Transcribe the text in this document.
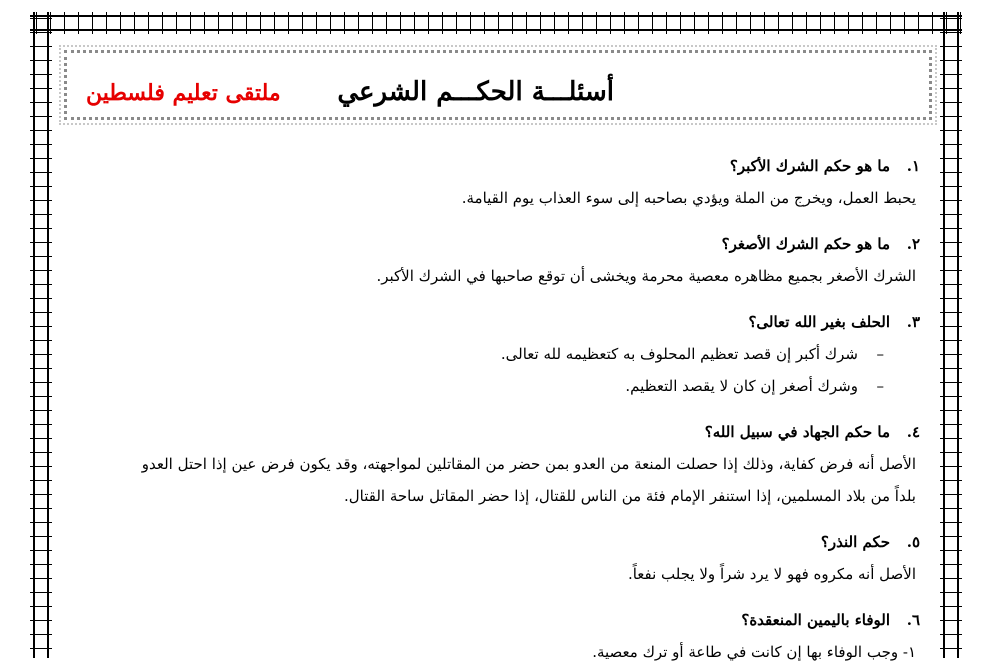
أسئلـــة الحكـــم الشرعي
ملتقى تعليم فلسطين
١.ما هو حكم الشرك الأكبر؟
يحبط العمل، ويخرج من الملة ويؤدي بصاحبه إلى سوء العذاب يوم القيامة.
٢.ما هو حكم الشرك الأصغر؟
الشرك الأصغر بجميع مظاهره معصية محرمة ويخشى أن توقع صاحبها في الشرك الأكبر.
٣.الحلف بغير الله تعالى؟
–شرك أكبر إن قصد تعظيم المحلوف به كتعظيمه لله تعالى.
–وشرك أصغر إن كان لا يقصد التعظيم.
٤.ما حكم الجهاد في سبيل الله؟
الأصل أنه فرض كفاية، وذلك إذا حصلت المنعة من العدو بمن حضر من المقاتلين لمواجهته، وقد يكون فرض عين إذا احتل العدو
بلداً من بلاد المسلمين، إذا استنفر الإمام فئة من الناس للقتال، إذا حضر المقاتل ساحة القتال.
٥.حكم النذر؟
الأصل أنه مكروه فهو لا يرد شراً ولا يجلب نفعاً.
٦.الوفاء باليمين المنعقدة؟
١- وجب الوفاء بها إن كانت في طاعة أو ترك معصية.
